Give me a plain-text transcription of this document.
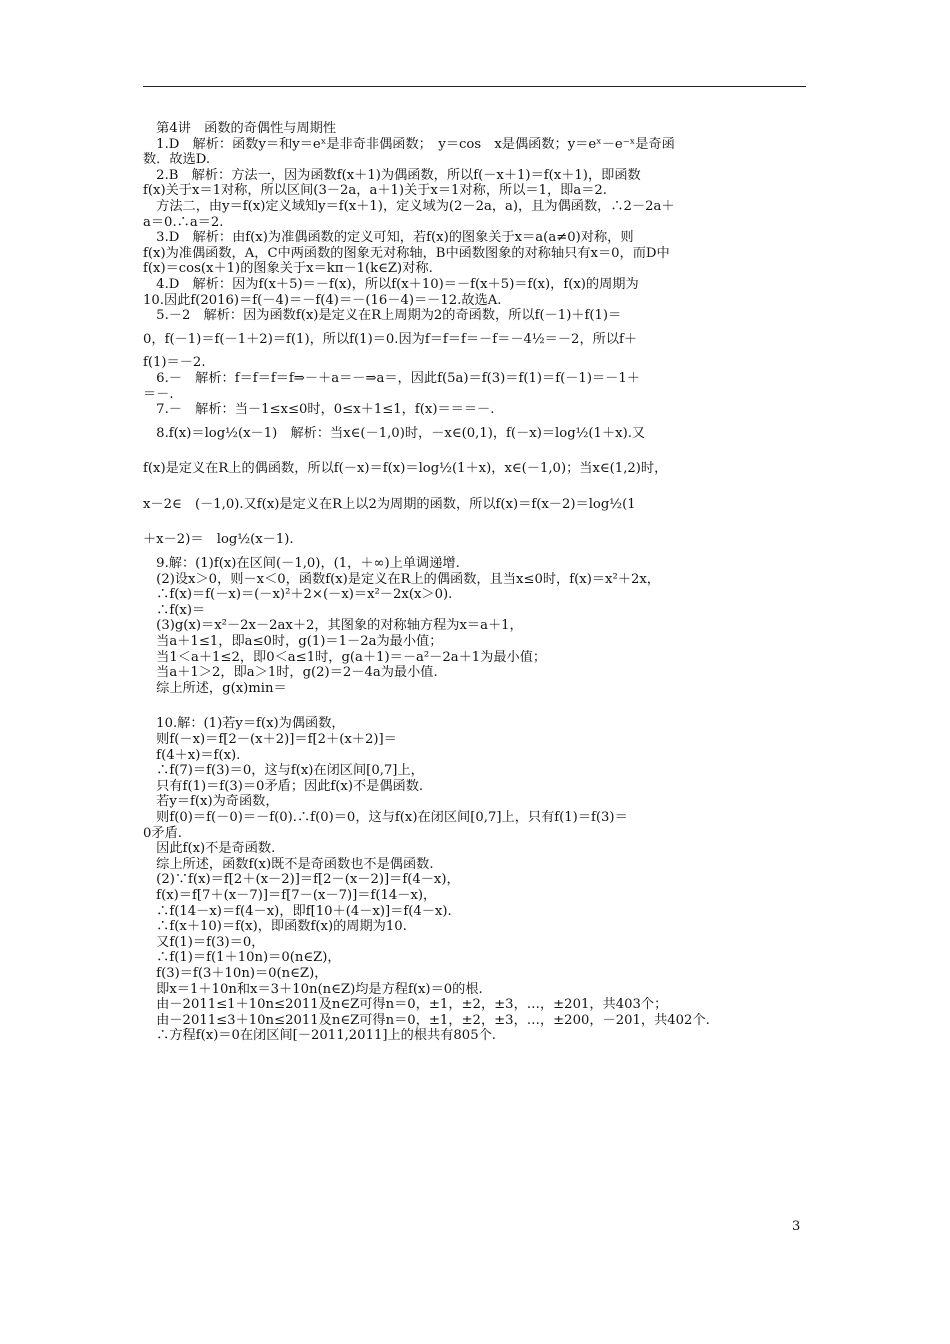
　第4讲　函数的奇偶性与周期性
　1.D　解析：函数y＝和y＝eˣ是非奇非偶函数；　y＝cos　x是偶函数；y＝eˣ－e⁻ˣ是奇函
数．故选D.
　2.B　解析：方法一，因为函数f(x＋1)为偶函数，所以f(－x＋1)＝f(x＋1)，即函数
f(x)关于x＝1对称，所以区间(3－2a，a＋1)关于x＝1对称，所以＝1，即a＝2.
　方法二，由y＝f(x)定义域知y＝f(x＋1)，定义域为(2－2a，a)，且为偶函数，∴2－2a＋
a＝0.∴a＝2.
　3.D　解析：由f(x)为准偶函数的定义可知，若f(x)的图象关于x＝a(a≠0)对称，则
f(x)为准偶函数，A，C中两函数的图象无对称轴，B中函数图象的对称轴只有x＝0，而D中
f(x)＝cos(x＋1)的图象关于x＝kπ－1(k∈Z)对称.
　4.D　解析：因为f(x＋5)＝－f(x)，所以f(x＋10)＝－f(x＋5)＝f(x)，f(x)的周期为
10.因此f(2016)＝f(－4)＝－f(4)＝－(16－4)＝－12.故选A.
　5.－2　解析：因为函数f(x)是定义在R上周期为2的奇函数，所以f(－1)＋f(1)＝
0，f(－1)＝f(－1＋2)＝f(1)，所以f(1)＝0.因为f＝f＝f＝－f＝－4½＝－2，所以f＋
f(1)＝－2.
　6.－　解析：f＝f＝f＝f⇒－＋a＝－⇒a＝，因此f(5a)＝f(3)＝f(1)＝f(－1)＝－1＋
＝－.
　7.－　解析：当－1≤x≤0时，0≤x＋1≤1，f(x)＝＝＝－.
　8.f(x)＝log½(x－1)　解析：当x∈(－1,0)时，－x∈(0,1)，f(－x)＝log½(1＋x).又
f(x)是定义在R上的偶函数，所以f(－x)＝f(x)＝log½(1＋x)，x∈(－1,0)；当x∈(1,2)时，
x－2∈　(－1,0).又f(x)是定义在R上以2为周期的函数，所以f(x)＝f(x－2)＝log½(1
＋x－2)＝　log½(x－1).
　9.解：(1)f(x)在区间(－1,0)，(1，＋∞)上单调递增.
　(2)设x＞0，则－x＜0，函数f(x)是定义在R上的偶函数，且当x≤0时，f(x)＝x²＋2x，
　∴f(x)＝f(－x)＝(－x)²＋2×(－x)＝x²－2x(x＞0).
　∴f(x)＝
　(3)g(x)＝x²－2x－2ax＋2，其图象的对称轴方程为x＝a＋1，
　当a＋1≤1，即a≤0时，g(1)＝1－2a为最小值；
　当1＜a＋1≤2，即0＜a≤1时，g(a＋1)＝－a²－2a＋1为最小值；
　当a＋1＞2，即a＞1时，g(2)＝2－4a为最小值.
　综上所述，g(x)min＝
　10.解：(1)若y＝f(x)为偶函数，
　则f(－x)＝f[2－(x＋2)]＝f[2＋(x＋2)]＝
　f(4＋x)＝f(x).
　∴f(7)＝f(3)＝0，这与f(x)在闭区间[0,7]上，
　只有f(1)＝f(3)＝0矛盾；因此f(x)不是偶函数.
　若y＝f(x)为奇函数，
　则f(0)＝f(－0)＝－f(0).∴f(0)＝0，这与f(x)在闭区间[0,7]上，只有f(1)＝f(3)＝
0矛盾.
　因此f(x)不是奇函数.
　综上所述，函数f(x)既不是奇函数也不是偶函数.
　(2)∵f(x)＝f[2＋(x－2)]＝f[2－(x－2)]＝f(4－x)，
　f(x)＝f[7＋(x－7)]＝f[7－(x－7)]＝f(14－x)，
　∴f(14－x)＝f(4－x)，即f[10＋(4－x)]＝f(4－x).
　∴f(x＋10)＝f(x)，即函数f(x)的周期为10.
　又f(1)＝f(3)＝0，
　∴f(1)＝f(1＋10n)＝0(n∈Z)，
　f(3)＝f(3＋10n)＝0(n∈Z)，
　即x＝1＋10n和x＝3＋10n(n∈Z)均是方程f(x)＝0的根.
　由－2011≤1＋10n≤2011及n∈Z可得n＝0，±1，±2，±3，…，±201，共403个；
　由－2011≤3＋10n≤2011及n∈Z可得n＝0，±1，±2，±3，…，±200，－201，共402个.
　∴方程f(x)＝0在闭区间[－2011,2011]上的根共有805个.
3
